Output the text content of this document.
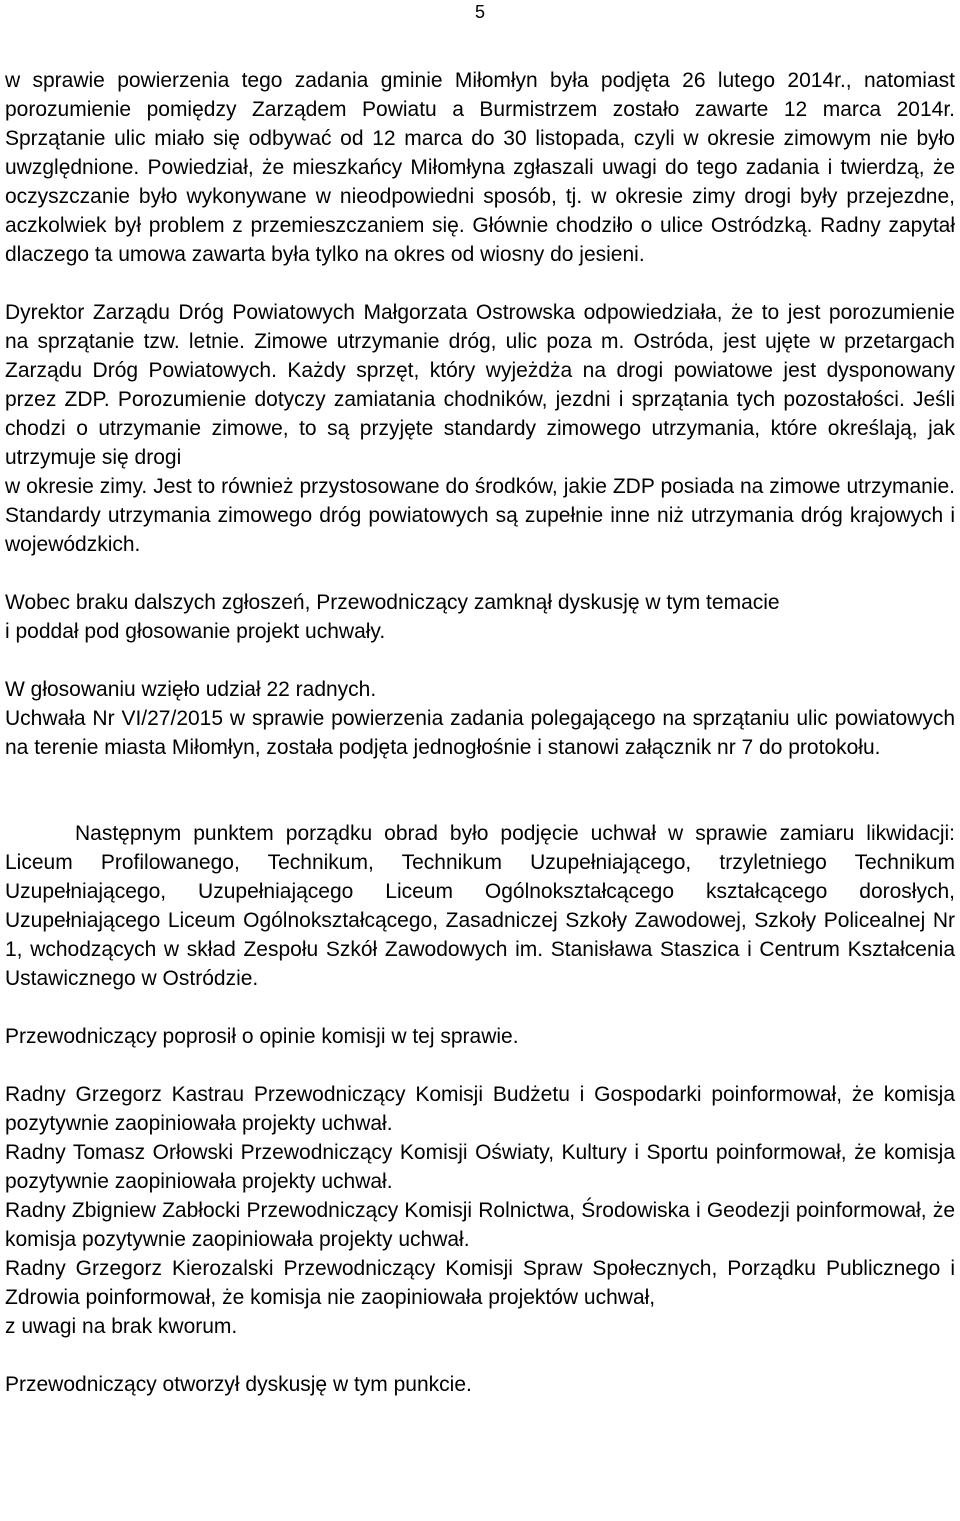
5

w sprawie powierzenia tego zadania gminie Miłomłyn była podjęta 26 lutego 2014r., natomiast porozumienie pomiędzy Zarządem Powiatu a Burmistrzem zostało zawarte 12 marca 2014r. Sprzątanie ulic miało się odbywać od 12 marca do 30 listopada, czyli w okresie zimowym nie było uwzględnione. Powiedział, że mieszkańcy Miłomłyna zgłaszali uwagi do tego zadania i twierdzą, że oczyszczanie było wykonywane w nieodpowiedni sposób, tj. w okresie zimy drogi były przejezdne, aczkolwiek był problem z przemieszczaniem się. Głównie chodziło o ulice Ostródzką. Radny zapytał dlaczego ta umowa zawarta była tylko na okres od wiosny do jesieni.

Dyrektor Zarządu Dróg Powiatowych Małgorzata Ostrowska odpowiedziała, że to jest porozumienie na sprzątanie tzw. letnie. Zimowe utrzymanie dróg, ulic poza m. Ostróda, jest ujęte w przetargach Zarządu Dróg Powiatowych. Każdy sprzęt, który wyjeżdża na drogi powiatowe jest dysponowany przez ZDP. Porozumienie dotyczy zamiatania chodników, jezdni i sprzątania tych pozostałości. Jeśli chodzi o utrzymanie zimowe, to są przyjęte standardy zimowego utrzymania, które określają, jak utrzymuje się drogi

w okresie zimy. Jest to również przystosowane do środków, jakie ZDP posiada na zimowe utrzymanie. Standardy utrzymania zimowego dróg powiatowych są zupełnie inne niż utrzymania dróg krajowych i wojewódzkich.

Wobec braku dalszych zgłoszeń, Przewodniczący zamknął dyskusję w tym temacie

i poddał pod głosowanie projekt uchwały.

W głosowaniu wzięło udział 22 radnych.

Uchwała Nr VI/27/2015 w sprawie powierzenia zadania polegającego na sprzątaniu ulic powiatowych na terenie miasta Miłomłyn, została podjęta jednogłośnie i stanowi załącznik nr 7 do protokołu.

Następnym punktem porządku obrad było podjęcie uchwał w sprawie zamiaru likwidacji: Liceum Profilowanego, Technikum, Technikum Uzupełniającego, trzyletniego Technikum Uzupełniającego, Uzupełniającego Liceum Ogólnokształcącego kształcącego dorosłych, Uzupełniającego Liceum Ogólnokształcącego, Zasadniczej Szkoły Zawodowej, Szkoły Policealnej Nr 1, wchodzących w skład Zespołu Szkół Zawodowych im. Stanisława Staszica i Centrum Kształcenia Ustawicznego w Ostródzie.

Przewodniczący poprosił o opinie komisji w tej sprawie.

Radny Grzegorz Kastrau Przewodniczący Komisji Budżetu i Gospodarki poinformował, że komisja pozytywnie zaopiniowała projekty uchwał.

Radny Tomasz Orłowski Przewodniczący Komisji Oświaty, Kultury i Sportu poinformował, że komisja pozytywnie zaopiniowała projekty uchwał.

Radny Zbigniew Zabłocki Przewodniczący Komisji Rolnictwa, Środowiska i Geodezji poinformował, że komisja pozytywnie zaopiniowała projekty uchwał.

Radny Grzegorz Kierozalski Przewodniczący Komisji Spraw Społecznych, Porządku Publicznego i Zdrowia poinformował, że komisja nie zaopiniowała projektów uchwał,

z uwagi na brak kworum.

Przewodniczący otworzył dyskusję w tym punkcie.
